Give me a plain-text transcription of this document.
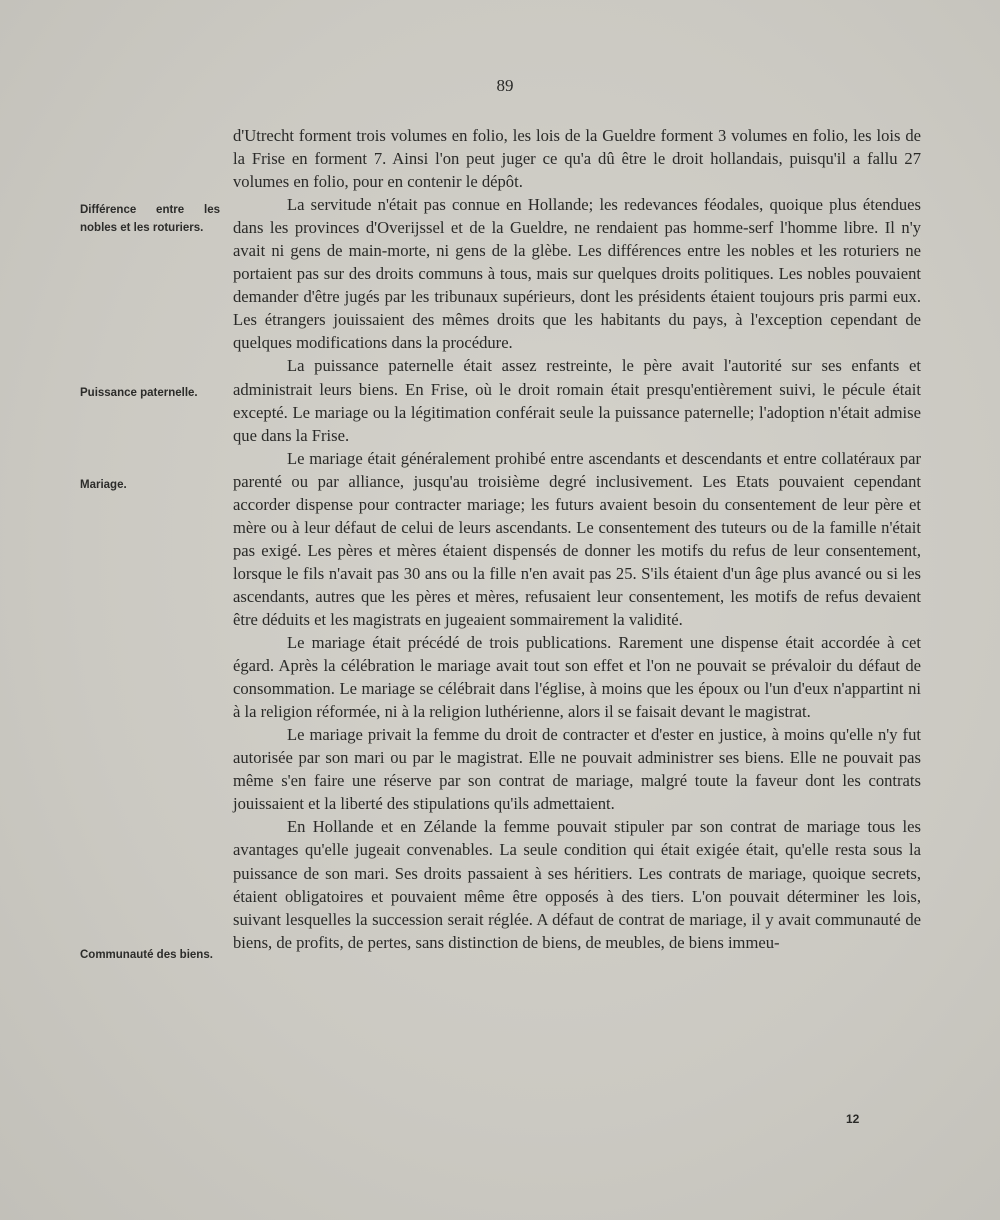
89
Différence entre les nobles et les roturiers.
Puissance paternelle.
Mariage.
Communauté des biens.

d'Utrecht forment trois volumes en folio, les lois de la Gueldre forment 3 volumes en folio, les lois de la Frise en forment 7. Ainsi l'on peut juger ce qu'a dû être le droit hollandais, puisqu'il a fallu 27 volumes en folio, pour en contenir le dépôt.

La servitude n'était pas connue en Hollande; les redevances féodales, quoique plus étendues dans les provinces d'Overijssel et de la Gueldre, ne rendaient pas homme-serf l'homme libre. Il n'y avait ni gens de main-morte, ni gens de la glèbe. Les différences entre les nobles et les roturiers ne portaient pas sur des droits communs à tous, mais sur quelques droits politiques. Les nobles pouvaient demander d'être jugés par les tribunaux supérieurs, dont les présidents étaient toujours pris parmi eux. Les étrangers jouissaient des mêmes droits que les habitants du pays, à l'exception cependant de quelques modifications dans la procédure.

La puissance paternelle était assez restreinte, le père avait l'autorité sur ses enfants et administrait leurs biens. En Frise, où le droit romain était presqu'entièrement suivi, le pécule était excepté. Le mariage ou la légitimation conférait seule la puissance paternelle; l'adoption n'était admise que dans la Frise.

Le mariage était généralement prohibé entre ascendants et descendants et entre collatéraux par parenté ou par alliance, jusqu'au troisième degré inclusivement. Les Etats pouvaient cependant accorder dispense pour contracter mariage; les futurs avaient besoin du consentement de leur père et mère ou à leur défaut de celui de leurs ascendants. Le consentement des tuteurs ou de la famille n'était pas exigé. Les pères et mères étaient dispensés de donner les motifs du refus de leur consentement, lorsque le fils n'avait pas 30 ans ou la fille n'en avait pas 25. S'ils étaient d'un âge plus avancé ou si les ascendants, autres que les pères et mères, refusaient leur consentement, les motifs de refus devaient être déduits et les magistrats en jugeaient sommairement la validité.

Le mariage était précédé de trois publications. Rarement une dispense était accordée à cet égard. Après la célébration le mariage avait tout son effet et l'on ne pouvait se prévaloir du défaut de consommation. Le mariage se célébrait dans l'église, à moins que les époux ou l'un d'eux n'appartint ni à la religion réformée, ni à la religion luthérienne, alors il se faisait devant le magistrat.

Le mariage privait la femme du droit de contracter et d'ester en justice, à moins qu'elle n'y fut autorisée par son mari ou par le magistrat. Elle ne pouvait administrer ses biens. Elle ne pouvait pas même s'en faire une réserve par son contrat de mariage, malgré toute la faveur dont les contrats jouissaient et la liberté des stipulations qu'ils admettaient.

En Hollande et en Zélande la femme pouvait stipuler par son contrat de mariage tous les avantages qu'elle jugeait convenables. La seule condition qui était exigée était, qu'elle resta sous la puissance de son mari. Ses droits passaient à ses héritiers. Les contrats de mariage, quoique secrets, étaient obligatoires et pouvaient même être opposés à des tiers. L'on pouvait déterminer les lois, suivant lesquelles la succession serait réglée. A défaut de contrat de mariage, il y avait communauté de biens, de profits, de pertes, sans distinction de biens, de meubles, de biens immeu-

12
